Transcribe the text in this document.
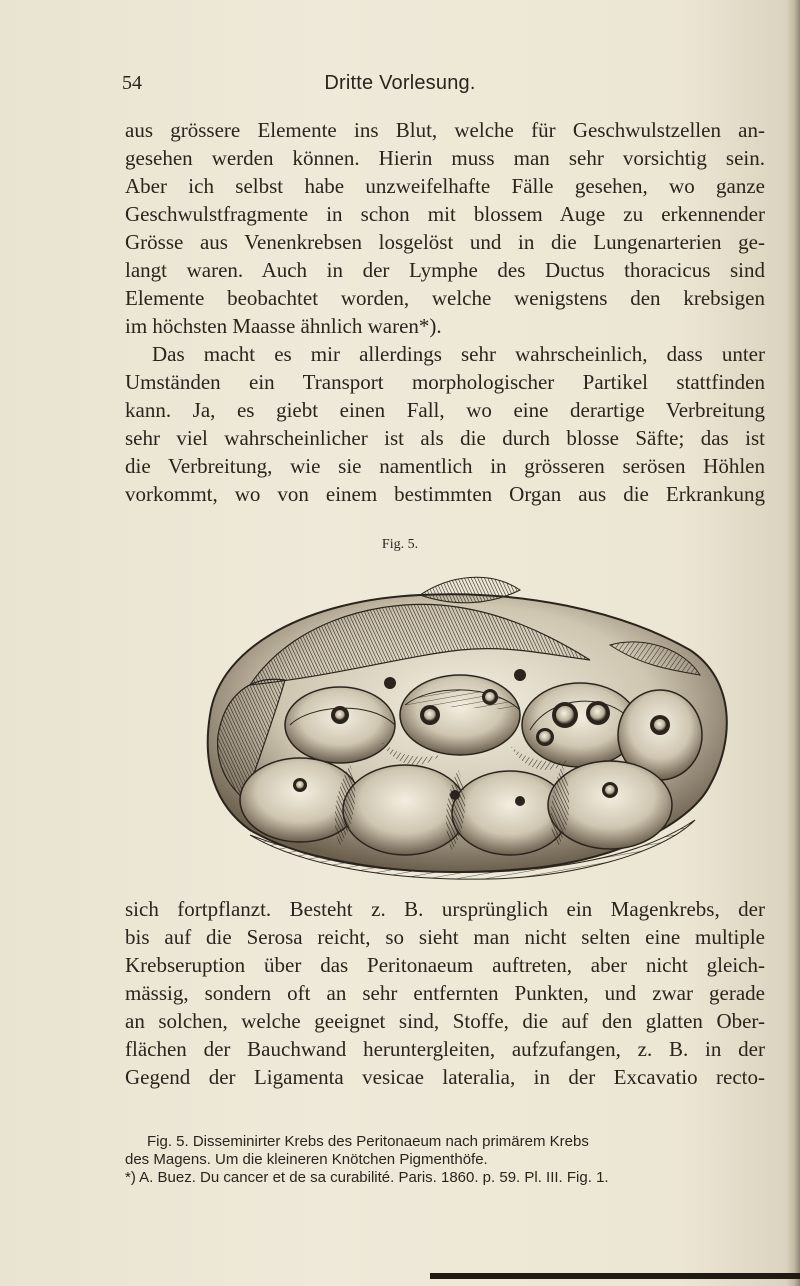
54	Dritte Vorlesung.
aus grössere Elemente ins Blut, welche für Geschwulstzellen an-
gesehen werden können. Hierin muss man sehr vorsichtig sein.
Aber ich selbst habe unzweifelhafte Fälle gesehen, wo ganze
Geschwulstfragmente in schon mit blossem Auge zu erkennender
Grösse aus Venenkrebsen losgelöst und in die Lungenarterien ge-
langt waren. Auch in der Lymphe des Ductus thoracicus sind
Elemente beobachtet worden, welche wenigstens den krebsigen
im höchsten Maasse ähnlich waren*).
Das macht es mir allerdings sehr wahrscheinlich, dass unter
Umständen ein Transport morphologischer Partikel stattfinden
kann. Ja, es giebt einen Fall, wo eine derartige Verbreitung
sehr viel wahrscheinlicher ist als die durch blosse Säfte; das ist
die Verbreitung, wie sie namentlich in grösseren serösen Höhlen
vorkommt, wo von einem bestimmten Organ aus die Erkrankung
Fig. 5.
sich fortpflanzt. Besteht z. B. ursprünglich ein Magenkrebs, der
bis auf die Serosa reicht, so sieht man nicht selten eine multiple
Krebseruption über das Peritonaeum auftreten, aber nicht gleich-
mässig, sondern oft an sehr entfernten Punkten, und zwar gerade
an solchen, welche geeignet sind, Stoffe, die auf den glatten Ober-
flächen der Bauchwand heruntergleiten, aufzufangen, z. B. in der
Gegend der Ligamenta vesicae lateralia, in der Excavatio recto-
Fig. 5. Disseminirter Krebs des Peritonaeum nach primärem Krebs
des Magens. Um die kleineren Knötchen Pigmenthöfe.
*) A. Buez. Du cancer et de sa curabilité. Paris. 1860. p. 59. Pl. III. Fig. 1.
